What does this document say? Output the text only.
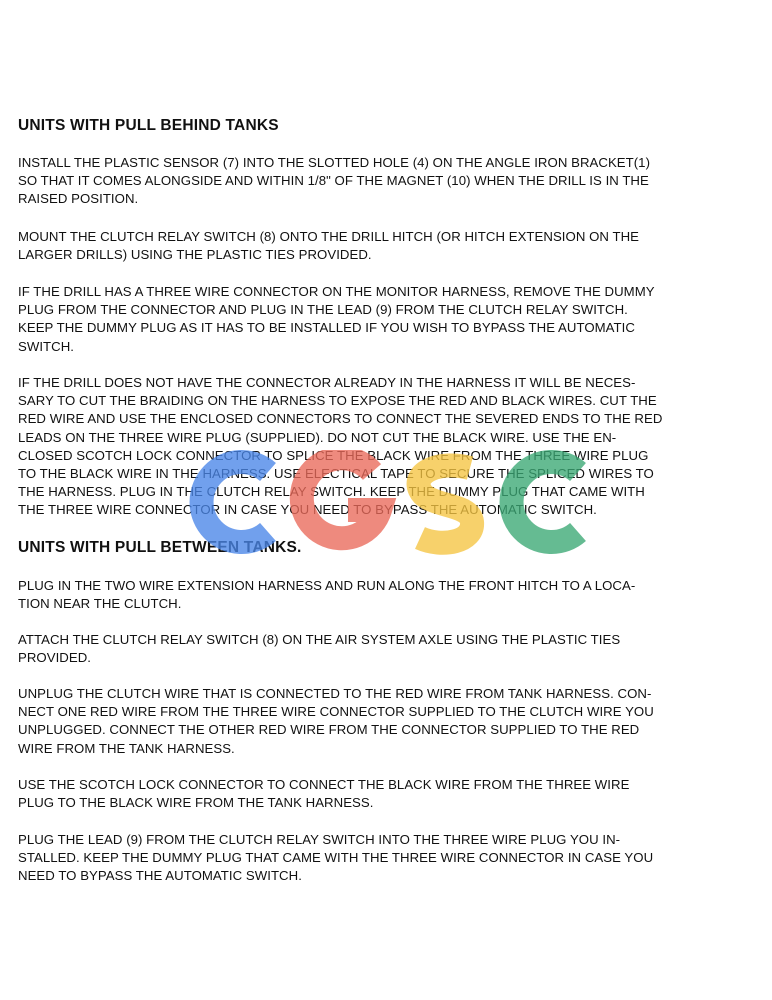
UNITS WITH PULL BEHIND TANKS

INSTALL THE PLASTIC SENSOR (7) INTO THE SLOTTED HOLE (4) ON THE ANGLE IRON BRACKET(1)
SO THAT IT COMES ALONGSIDE AND WITHIN 1/8" OF THE MAGNET (10) WHEN THE DRILL IS IN THE
RAISED POSITION.

MOUNT THE CLUTCH RELAY SWITCH (8) ONTO THE DRILL HITCH (OR HITCH EXTENSION ON THE
LARGER DRILLS) USING THE PLASTIC TIES PROVIDED.

IF THE DRILL HAS A THREE WIRE CONNECTOR ON THE MONITOR HARNESS, REMOVE THE DUMMY
PLUG FROM THE CONNECTOR AND PLUG IN THE LEAD (9) FROM THE CLUTCH RELAY SWITCH.
KEEP THE DUMMY PLUG AS IT HAS TO BE INSTALLED IF YOU WISH TO BYPASS THE AUTOMATIC
SWITCH.

IF THE DRILL DOES NOT HAVE THE CONNECTOR ALREADY IN THE HARNESS IT WILL BE NECES-
SARY TO CUT THE BRAIDING ON THE HARNESS TO EXPOSE THE RED AND BLACK WIRES. CUT THE
RED WIRE AND USE THE ENCLOSED CONNECTORS TO CONNECT THE SEVERED ENDS TO THE RED
LEADS ON THE THREE WIRE PLUG (SUPPLIED). DO NOT CUT THE BLACK WIRE. USE THE EN-
CLOSED SCOTCH LOCK CONNECTOR TO SPLICE THE BLACK WIRE FROM THE THREE WIRE PLUG
TO THE BLACK WIRE IN THE HARNESS. USE ELECTICAL TAPE TO SECURE THE SPLICED WIRES TO
THE HARNESS. PLUG IN THE CLUTCH RELAY SWITCH. KEEP THE DUMMY PLUG THAT CAME WITH
THE THREE WIRE CONNECTOR IN CASE YOU NEED TO BYPASS THE AUTOMATIC SWITCH.

UNITS WITH PULL BETWEEN TANKS.

PLUG IN THE TWO WIRE EXTENSION HARNESS AND RUN ALONG THE FRONT HITCH TO A LOCA-
TION NEAR THE CLUTCH.

ATTACH THE CLUTCH RELAY SWITCH (8) ON THE AIR SYSTEM AXLE USING THE PLASTIC TIES
PROVIDED.

UNPLUG THE CLUTCH WIRE THAT IS CONNECTED TO THE RED WIRE FROM TANK HARNESS. CON-
NECT ONE RED WIRE FROM THE THREE WIRE CONNECTOR SUPPLIED TO THE CLUTCH WIRE YOU
UNPLUGGED. CONNECT THE OTHER RED WIRE FROM THE CONNECTOR SUPPLIED TO THE RED
WIRE FROM THE TANK HARNESS.

USE THE SCOTCH LOCK CONNECTOR TO CONNECT THE BLACK WIRE FROM THE THREE WIRE
PLUG TO THE BLACK WIRE FROM THE TANK HARNESS.

PLUG THE LEAD (9) FROM THE CLUTCH RELAY SWITCH INTO THE THREE WIRE PLUG YOU IN-
STALLED. KEEP THE DUMMY PLUG THAT CAME WITH THE THREE WIRE CONNECTOR IN CASE YOU
NEED TO BYPASS THE AUTOMATIC SWITCH.
